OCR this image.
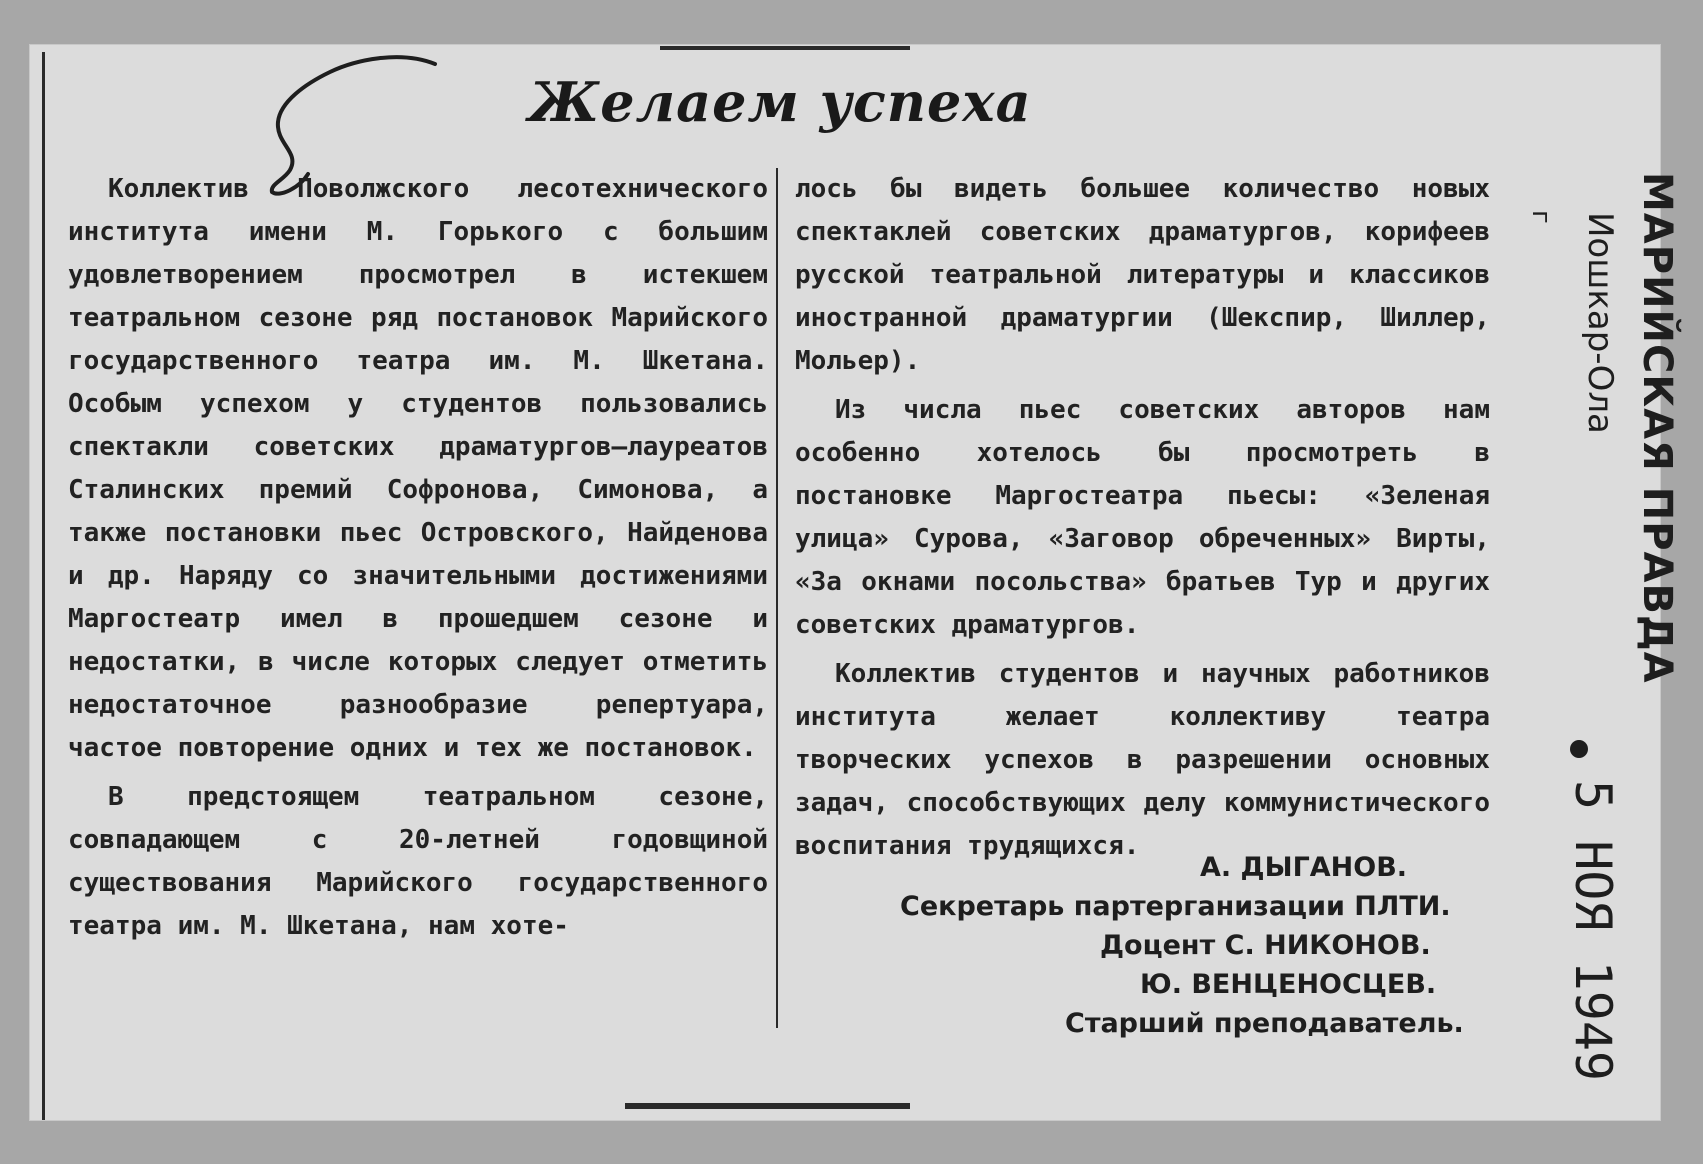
Желаем успеха

Коллектив Поволжского лесотехнического института имени М. Горького с большим удовлетворением просмотрел в истекшем театральном сезоне ряд постановок Марийского государственного театра им. М. Шкетана. Особым успехом у студентов пользовались спектакли советских драматургов—лауреатов Сталинских премий Софронова, Симонова, а также постановки пьес Островского, Найденова и др. Наряду со значительными достижениями Маргостеатр имел в прошедшем сезоне и недостатки, в числе которых следует отметить недостаточное разнообразие репертуара, частое повторение одних и тех же постановок.

В предстоящем театральном сезоне, совпадающем с 20-летней годовщиной существования Марийского государственного театра им. М. Шкетана, нам хоте-

лось бы видеть большее количество новых спектаклей советских драматургов, корифеев русской театральной литературы и классиков иностранной драматургии (Шекспир, Шиллер, Мольер).

Из числа пьес советских авторов нам особенно хотелось бы просмотреть в постановке Маргостеатра пьесы: «Зеленая улица» Сурова, «Заговор обреченных» Вирты, «За окнами посольства» братьев Тур и других советских драматургов.

Коллектив студентов и научных работников института желает коллективу театра творческих успехов в разрешении основных задач, способствующих делу коммунистического воспитания трудящихся.

А. ДЫГАНОВ.
Секретарь партерганизации ПЛТИ.
Доцент С. НИКОНОВ.
Ю. ВЕНЦЕНОСЦЕВ.
Старший преподаватель.
МАРИЙСКАЯ ПРАВДА
Иошкар-Ола
5 НОЯ 1949
г
